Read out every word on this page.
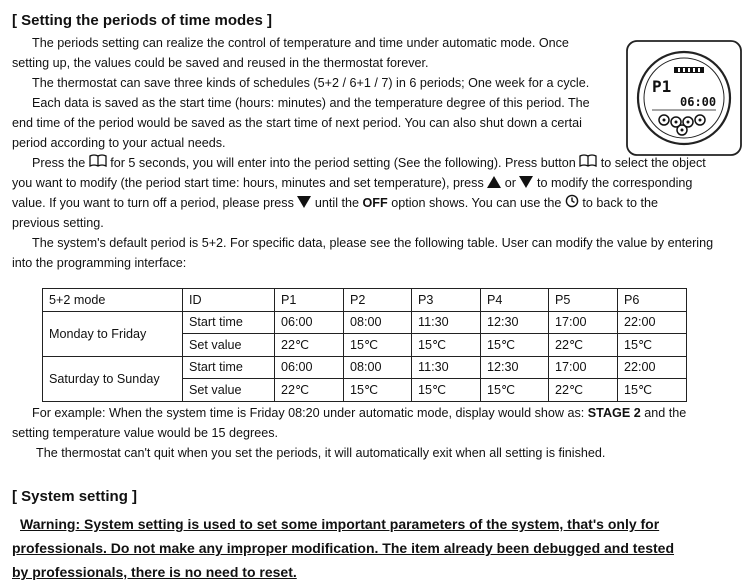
[ Setting the periods of time modes ]
The periods setting can realize the control of temperature and time under automatic mode. Once
setting up, the values could be saved and reused in the thermostat forever.
The thermostat can save three kinds of schedules (5+2 / 6+1 / 7) in 6 periods; One week for a cycle.
Each data is saved as the start time (hours: minutes) and the temperature degree of this period. The
end time of the period would be saved as the start time of next period. You can also shut down a certai
period according to your actual needs.
P1
06:00
Press the for 5 seconds, you will enter into the period setting (See the following). Press button to select the object
you want to modify (the period start time: hours, minutes and set temperature), press or to modify the corresponding
value. If you want to turn off a period, please press until the OFF option shows. You can use the to back to the
previous setting.
The system's default period is 5+2. For specific data, please see the following table. User can modify the value by entering
into the programming interface:
5+2 mode	ID	P1	P2	P3	P4	P5	P6
Monday to Friday	Start time	06:00	08:00	11:30	12:30	17:00	22:00
	Set value	22℃	15℃	15℃	15℃	22℃	15℃
Saturday to Sunday	Start time	06:00	08:00	11:30	12:30	17:00	22:00
	Set value	22℃	15℃	15℃	15℃	22℃	15℃
For example: When the system time is Friday 08:20 under automatic mode, display would show as: STAGE 2 and the
setting temperature value would be 15 degrees.
The thermostat can't quit when you set the periods, it will automatically exit when all setting is finished.
[ System setting ]
Warning: System setting is used to set some important parameters of the system, that's only for
professionals. Do not make any improper modification. The item already been debugged and tested
by professionals, there is no need to reset.
